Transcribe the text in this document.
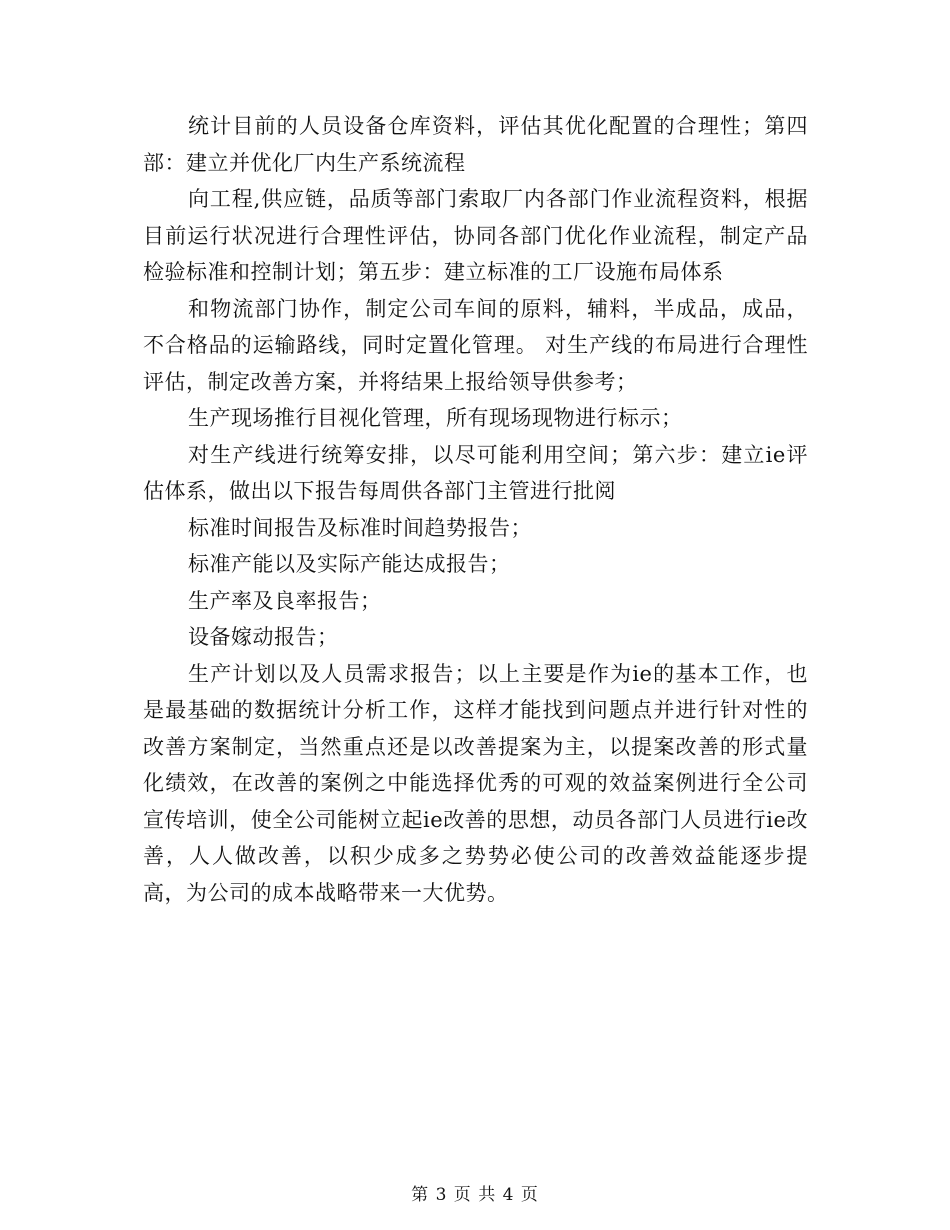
统计目前的人员设备仓库资料，评估其优化配置的合理性；第四部：建立并优化厂内生产系统流程

向工程,供应链，品质等部门索取厂内各部门作业流程资料，根据目前运行状况进行合理性评估，协同各部门优化作业流程，制定产品检验标准和控制计划；第五步：建立标准的工厂设施布局体系

和物流部门协作，制定公司车间的原料，辅料，半成品，成品，不合格品的运输路线，同时定置化管理。 对生产线的布局进行合理性评估，制定改善方案，并将结果上报给领导供参考；

生产现场推行目视化管理，所有现场现物进行标示；

对生产线进行统筹安排，以尽可能利用空间；第六步：建立ie评估体系，做出以下报告每周供各部门主管进行批阅

标准时间报告及标准时间趋势报告；

标准产能以及实际产能达成报告；

生产率及良率报告；

设备嫁动报告；

生产计划以及人员需求报告；以上主要是作为ie的基本工作，也是最基础的数据统计分析工作，这样才能找到问题点并进行针对性的改善方案制定，当然重点还是以改善提案为主，以提案改善的形式量化绩效，在改善的案例之中能选择优秀的可观的效益案例进行全公司宣传培训，使全公司能树立起ie改善的思想，动员各部门人员进行ie改善，人人做改善，以积少成多之势势必使公司的改善效益能逐步提高，为公司的成本战略带来一大优势。

第 3 页 共 4 页
